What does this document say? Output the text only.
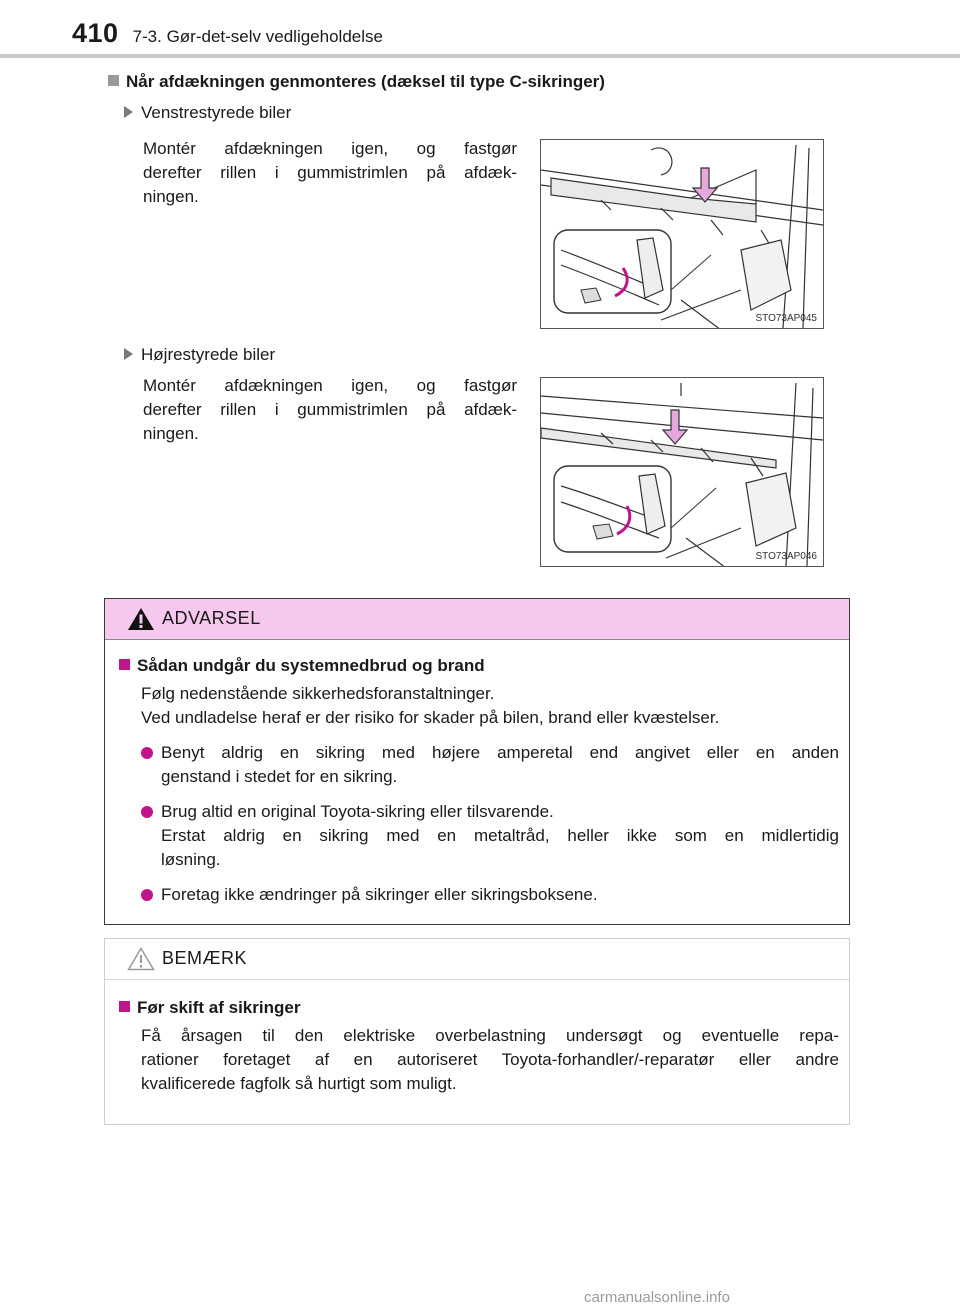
410 7-3. Gør-det-selv vedligeholdelse
Når afdækningen genmonteres (dæksel til type C-sikringer)
Venstrestyrede biler
Montér afdækningen igen, og fastgør
derefter rillen i gummistrimlen på afdæk-
ningen.
STO73AP045
Højrestyrede biler
Montér afdækningen igen, og fastgør
derefter rillen i gummistrimlen på afdæk-
ningen.
STO73AP046
ADVARSEL
Sådan undgår du systemnedbrud og brand
Følg nedenstående sikkerhedsforanstaltninger.
Ved undladelse heraf er der risiko for skader på bilen, brand eller kvæstelser.
Benyt aldrig en sikring med højere amperetal end angivet eller en anden
genstand i stedet for en sikring.
Brug altid en original Toyota-sikring eller tilsvarende.
Erstat aldrig en sikring med en metaltråd, heller ikke som en midlertidig
løsning.
Foretag ikke ændringer på sikringer eller sikringsboksene.
BEMÆRK
Før skift af sikringer
Få årsagen til den elektriske overbelastning undersøgt og eventuelle repa-
rationer foretaget af en autoriseret Toyota-forhandler/-reparatør eller andre
kvalificerede fagfolk så hurtigt som muligt.
carmanualsonline.info
